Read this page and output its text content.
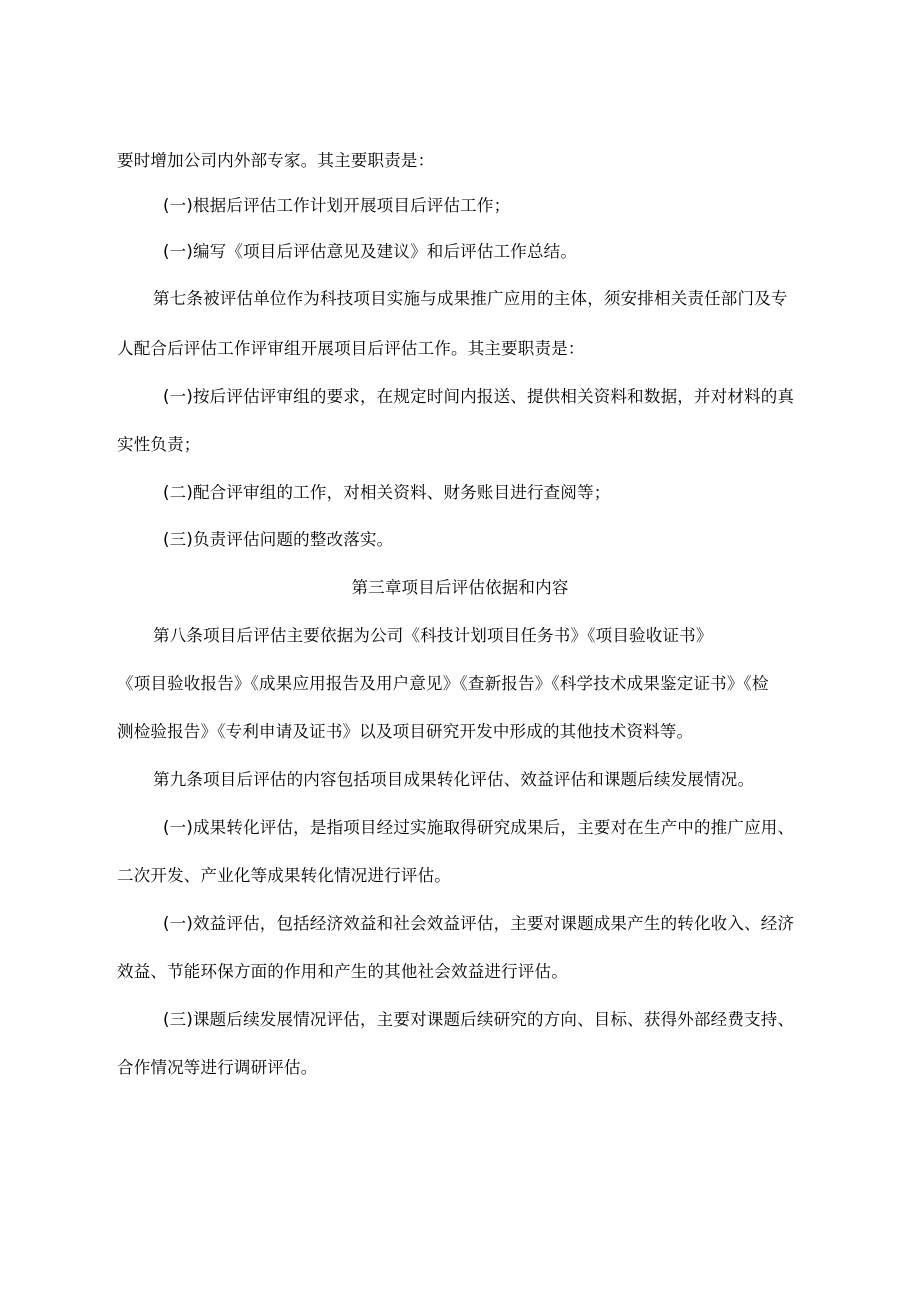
要时增加公司内外部专家。其主要职责是：
(一)根据后评估工作计划开展项目后评估工作；
(一)编写《项目后评估意见及建议》和后评估工作总结。
第七条被评估单位作为科技项目实施与成果推广应用的主体，须安排相关责任部门及专
人配合后评估工作评审组开展项目后评估工作。其主要职责是：
(一)按后评估评审组的要求，在规定时间内报送、提供相关资料和数据，并对材料的真
实性负责；
(二)配合评审组的工作，对相关资料、财务账目进行查阅等；
(三)负责评估问题的整改落实。
第三章项目后评估依据和内容
第八条项目后评估主要依据为公司《科技计划项目任务书》《项目验收证书》
《项目验收报告》《成果应用报告及用户意见》《查新报告》《科学技术成果鉴定证书》《检
测检验报告》《专利申请及证书》以及项目研究开发中形成的其他技术资料等。
第九条项目后评估的内容包括项目成果转化评估、效益评估和课题后续发展情况。
(一)成果转化评估，是指项目经过实施取得研究成果后，主要对在生产中的推广应用、
二次开发、产业化等成果转化情况进行评估。
(一)效益评估，包括经济效益和社会效益评估，主要对课题成果产生的转化收入、经济
效益、节能环保方面的作用和产生的其他社会效益进行评估。
(三)课题后续发展情况评估，主要对课题后续研究的方向、目标、获得外部经费支持、
合作情况等进行调研评估。
